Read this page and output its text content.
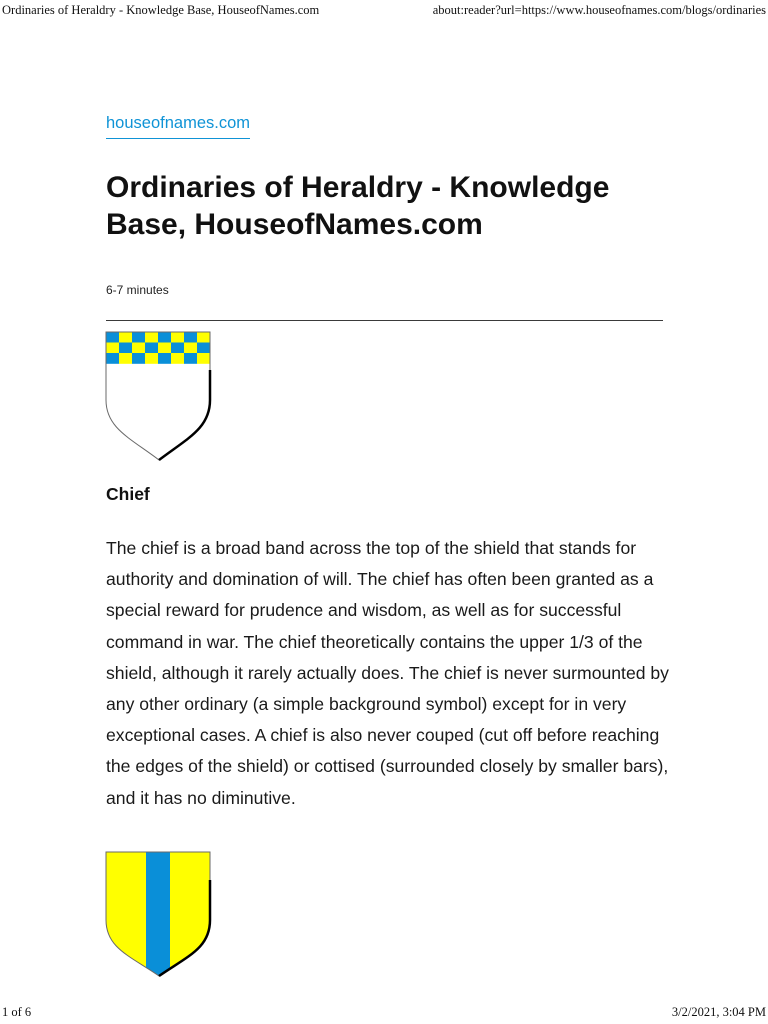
Ordinaries of Heraldry - Knowledge Base, HouseofNames.com	about:reader?url=https://www.houseofnames.com/blogs/ordinaries
houseofnames.com
Ordinaries of Heraldry - Knowledge Base, HouseofNames.com
6-7 minutes
Chief

The chief is a broad band across the top of the shield that stands for authority and domination of will. The chief has often been granted as a special reward for prudence and wisdom, as well as for successful command in war. The chief theoretically contains the upper 1/3 of the shield, although it rarely actually does. The chief is never surmounted by any other ordinary (a simple background symbol) except for in very exceptional cases. A chief is also never couped (cut off before reaching the edges of the shield) or cottised (surrounded closely by smaller bars), and it has no diminutive.

1 of 6	3/2/2021, 3:04 PM
